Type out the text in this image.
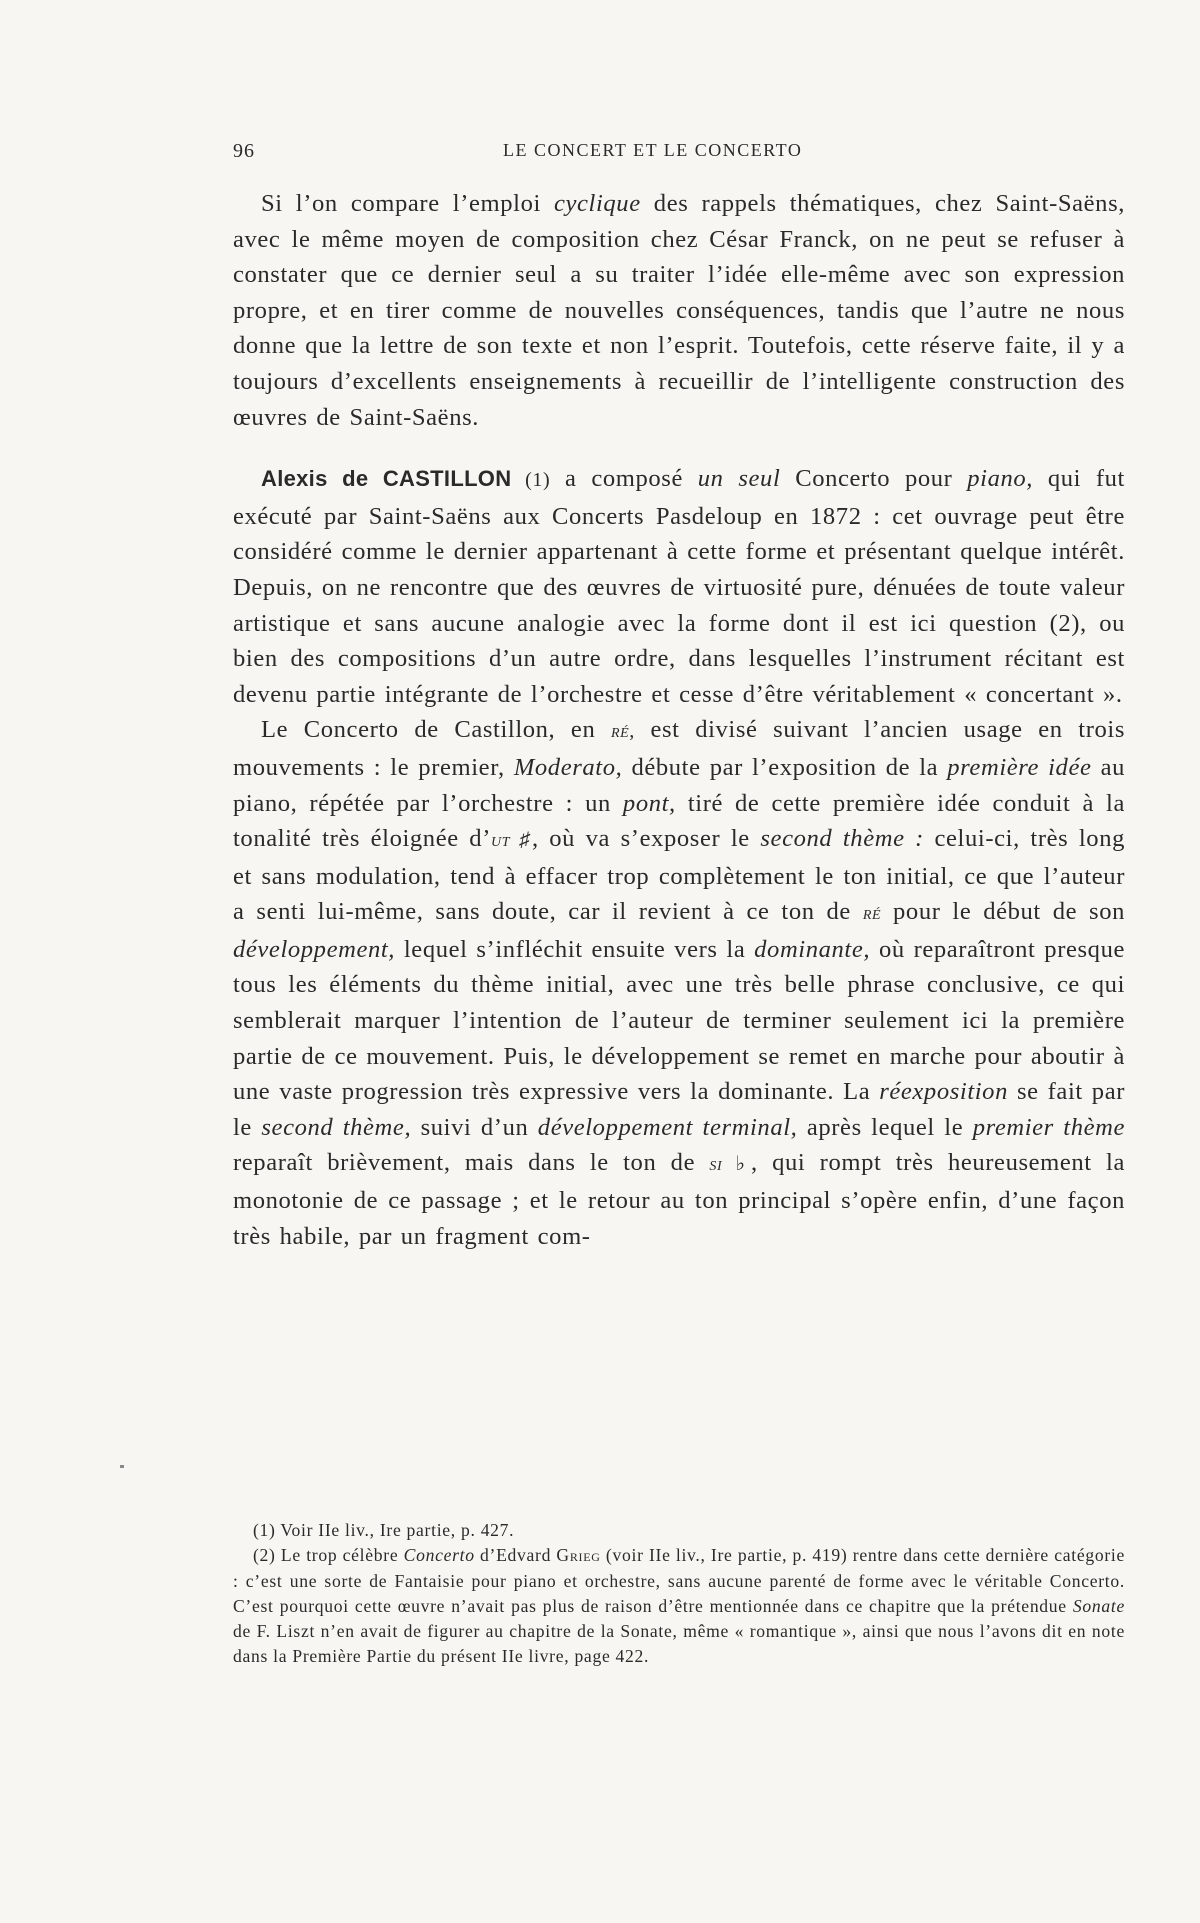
96	LE CONCERT ET LE CONCERTO

Si l’on compare l’emploi cyclique des rappels thématiques, chez Saint-Saëns, avec le même moyen de composition chez César Franck, on ne peut se refuser à constater que ce dernier seul a su traiter l’idée elle-même avec son expression propre, et en tirer comme de nouvelles conséquences, tandis que l’autre ne nous donne que la lettre de son texte et non l’esprit. Toutefois, cette réserve faite, il y a toujours d’excellents enseignements à recueillir de l’intelligente construction des œuvres de Saint-Saëns.

Alexis de CASTILLON (1) a composé un seul Concerto pour piano, qui fut exécuté par Saint-Saëns aux Concerts Pasdeloup en 1872 : cet ouvrage peut être considéré comme le dernier appartenant à cette forme et présentant quelque intérêt. Depuis, on ne rencontre que des œuvres de virtuosité pure, dénuées de toute valeur artistique et sans aucune analogie avec la forme dont il est ici question (2), ou bien des compositions d’un autre ordre, dans lesquelles l’instrument récitant est devenu partie intégrante de l’orchestre et cesse d’être véritablement « concertant ».

Le Concerto de Castillon, en ré, est divisé suivant l’ancien usage en trois mouvements : le premier, Moderato, débute par l’exposition de la première idée au piano, répétée par l’orchestre : un pont, tiré de cette première idée conduit à la tonalité très éloignée d’ut ♯, où va s’exposer le second thème : celui-ci, très long et sans modulation, tend à effacer trop complètement le ton initial, ce que l’auteur a senti lui-même, sans doute, car il revient à ce ton de ré pour le début de son développement, lequel s’infléchit ensuite vers la dominante, où reparaîtront presque tous les éléments du thème initial, avec une très belle phrase conclusive, ce qui semblerait marquer l’intention de l’auteur de terminer seulement ici la première partie de ce mouvement. Puis, le développement se remet en marche pour aboutir à une vaste progression très expressive vers la dominante. La réexposition se fait par le second thème, suivi d’un développement terminal, après lequel le premier thème reparaît brièvement, mais dans le ton de si ♭, qui rompt très heureusement la monotonie de ce passage ; et le retour au ton principal s’opère enfin, d’une façon très habile, par un fragment com-

(1) Voir IIe liv., Ire partie, p. 427.

(2) Le trop célèbre Concerto d’Edvard Grieg (voir IIe liv., Ire partie, p. 419) rentre dans cette dernière catégorie : c’est une sorte de Fantaisie pour piano et orchestre, sans aucune parenté de forme avec le véritable Concerto. C’est pourquoi cette œuvre n’avait pas plus de raison d’être mentionnée dans ce chapitre que la prétendue Sonate de F. Liszt n’en avait de figurer au chapitre de la Sonate, même « romantique », ainsi que nous l’avons dit en note dans la Première Partie du présent IIe livre, page 422.
